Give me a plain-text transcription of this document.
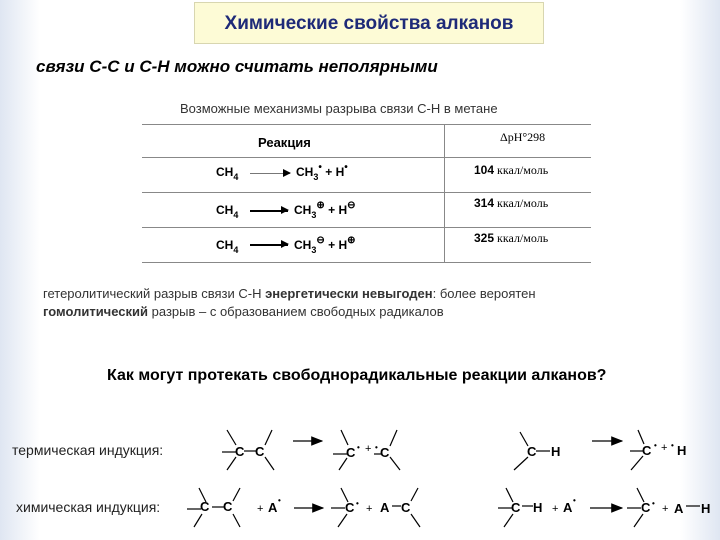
Химические свойства алканов
связи С-С и С-Н можно считать неполярными
Возможные механизмы разрыва связи С-Н в метане
Реакция	ΔрH°298
$CH_4 \to CH_3^• + H^•$	104 ккал/моль
$CH_4 \to CH_3^\oplus + H^⊖$	314 ккал/моль
$CH_4 \to CH_3^⊖ + H^\oplus$	325 ккал/моль
гетеролитический разрыв связи С-Н энергетически невыгоден: более вероятен
гомолитический разрыв – с образованием свободных радикалов
Как могут протекать свободнорадикальные реакции алканов?
термическая индукция:
химическая индукция:
C C	C • + • C	C H	C • + • H
C C + A •	C • + A C	C H + A •	C • + A H
